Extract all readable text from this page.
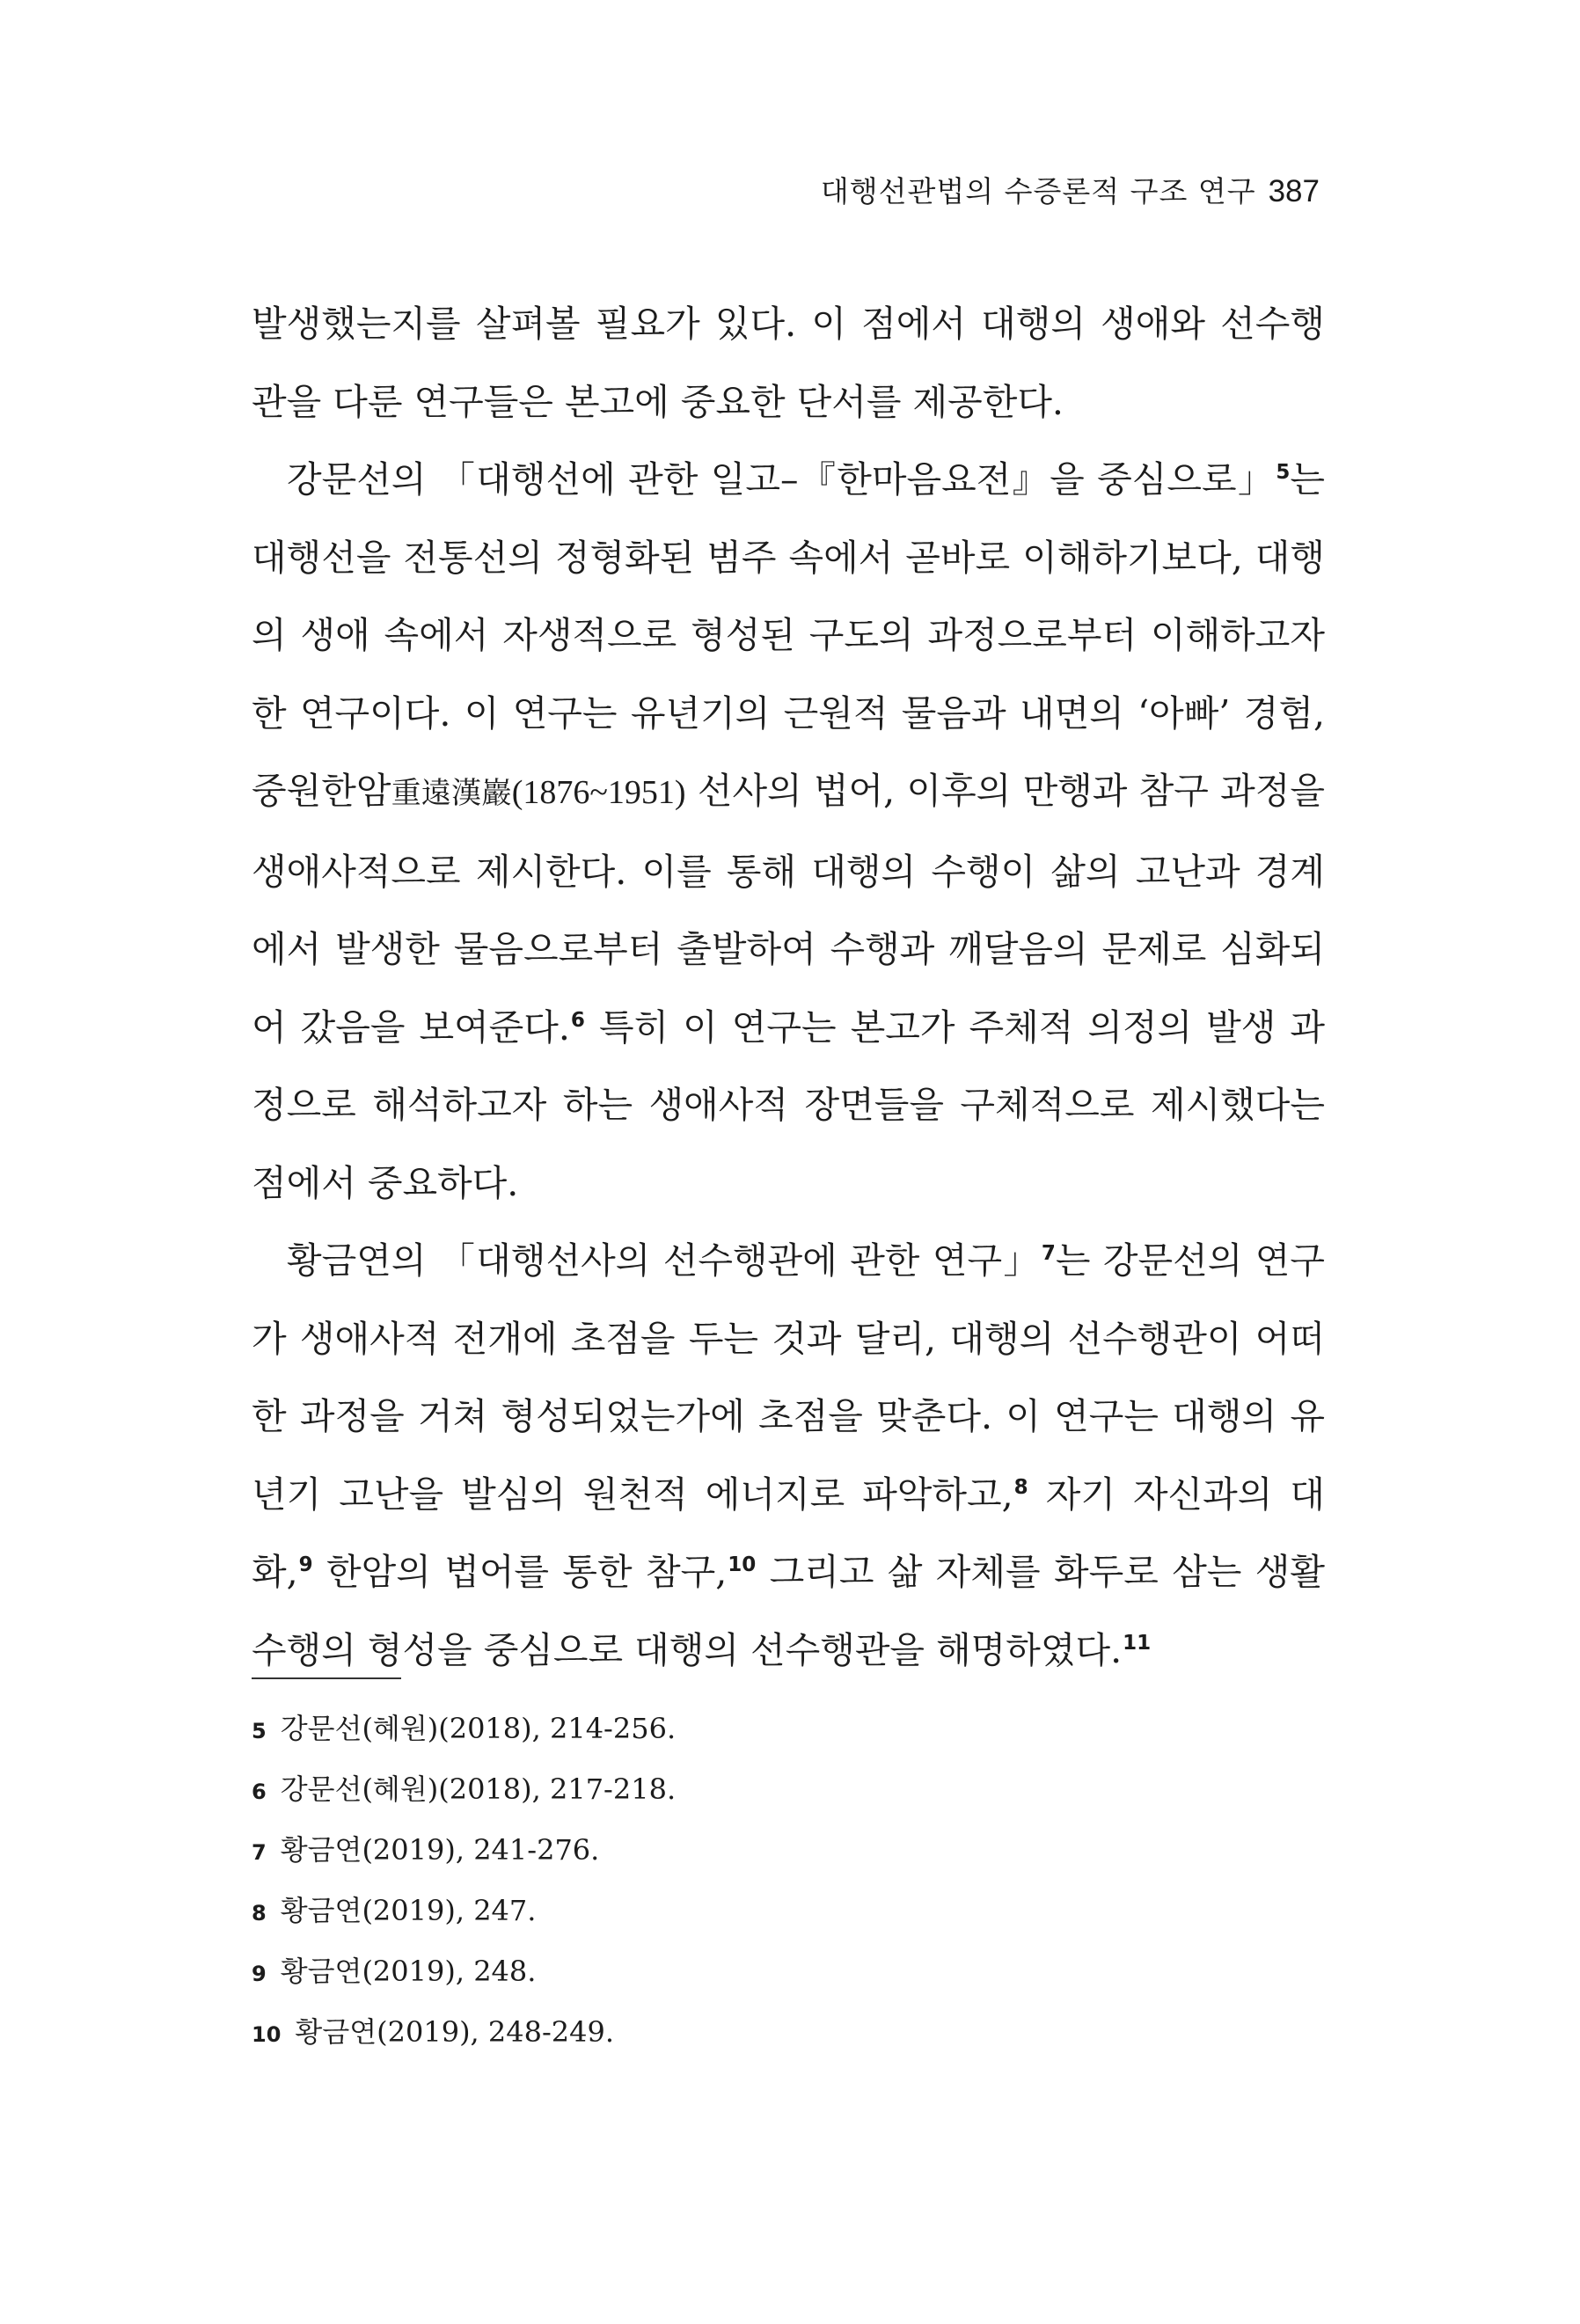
대행선관법의 수증론적 구조 연구 387

발생했는지를 살펴볼 필요가 있다. 이 점에서 대행의 생애와 선수행관을 다룬 연구들은 본고에 중요한 단서를 제공한다.

강문선의 「대행선에 관한 일고–『한마음요전』을 중심으로」$^5$는 대행선을 전통선의 정형화된 범주 속에서 곧바로 이해하기보다, 대행의 생애 속에서 자생적으로 형성된 구도의 과정으로부터 이해하고자 한 연구이다. 이 연구는 유년기의 근원적 물음과 내면의 ‘아빠’ 경험, 중원한암重遠漢巖(1876~1951) 선사의 법어, 이후의 만행과 참구 과정을 생애사적으로 제시한다. 이를 통해 대행의 수행이 삶의 고난과 경계에서 발생한 물음으로부터 출발하여 수행과 깨달음의 문제로 심화되어 갔음을 보여준다.$^6$ 특히 이 연구는 본고가 주체적 의정의 발생 과정으로 해석하고자 하는 생애사적 장면들을 구체적으로 제시했다는 점에서 중요하다.

황금연의 「대행선사의 선수행관에 관한 연구」$^7$는 강문선의 연구가 생애사적 전개에 초점을 두는 것과 달리, 대행의 선수행관이 어떠한 과정을 거쳐 형성되었는가에 초점을 맞춘다. 이 연구는 대행의 유년기 고난을 발심의 원천적 에너지로 파악하고,$^8$ 자기 자신과의 대화,$^9$ 한암의 법어를 통한 참구,$^{10}$ 그리고 삶 자체를 화두로 삼는 생활 수행의 형성을 중심으로 대행의 선수행관을 해명하였다.$^{11}$

5 강문선(혜원)(2018), 214-256.
6 강문선(혜원)(2018), 217-218.
7 황금연(2019), 241-276.
8 황금연(2019), 247.
9 황금연(2019), 248.
10 황금연(2019), 248-249.
